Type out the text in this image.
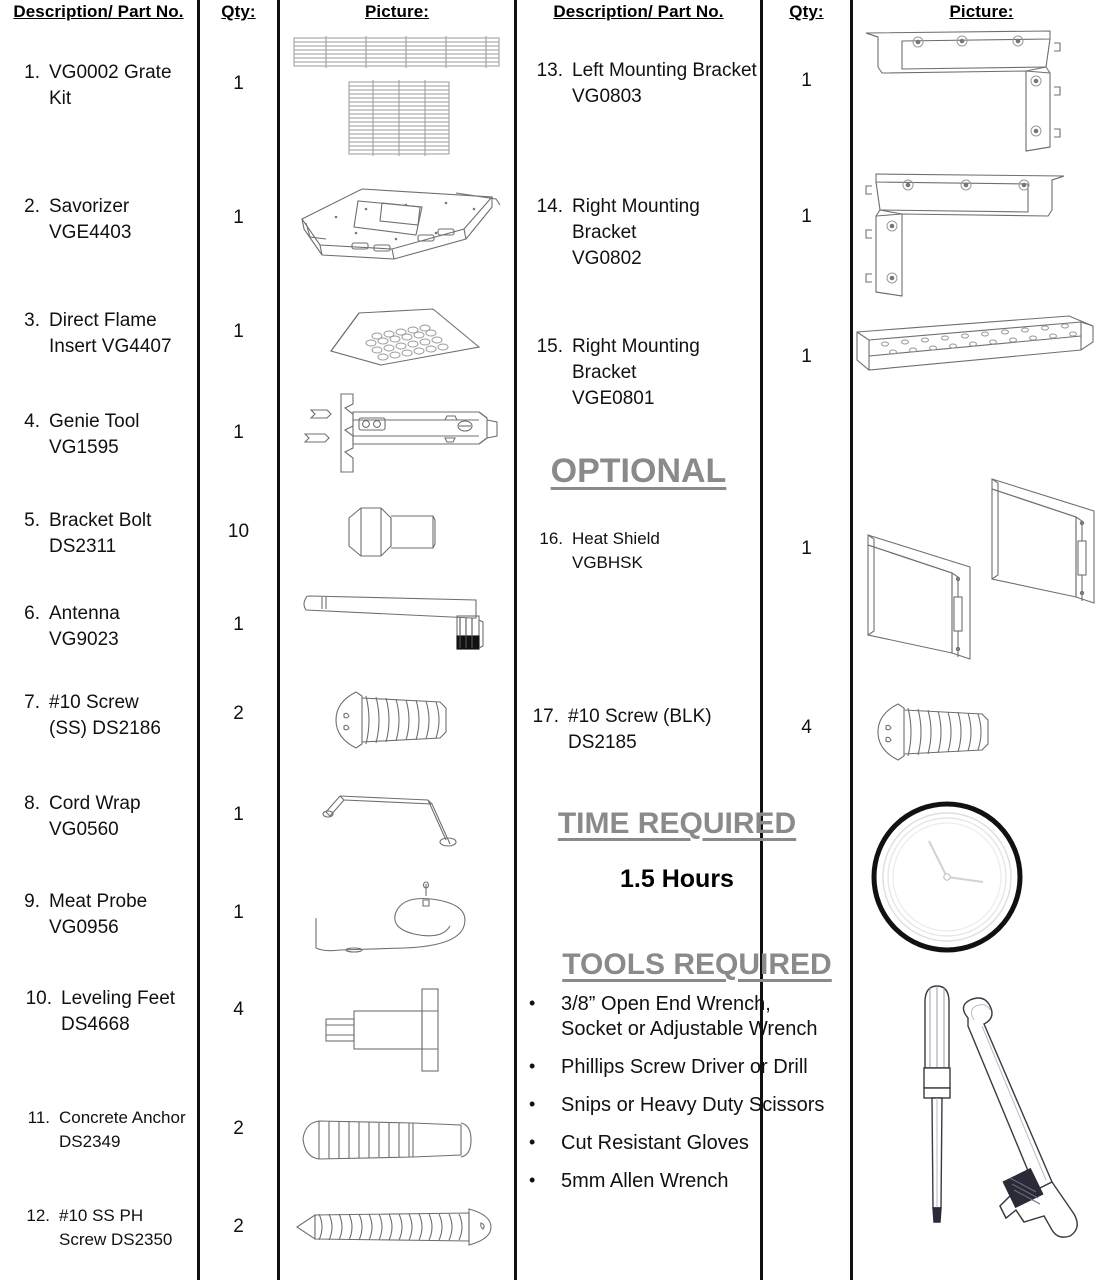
Description/ Part No.	Qty:	Picture:	Description/ Part No.	Qty:	Picture:
1. VG0002 Grate
Kit
1
2. Savorizer
VGE4403
1
3. Direct Flame
Insert VG4407
1
4. Genie Tool
VG1595
1
5. Bracket Bolt
DS2311
10
6. Antenna
VG9023
1
7. #10 Screw
(SS) DS2186
2
8. Cord Wrap
VG0560
1
9. Meat Probe
VG0956
1
10. Leveling Feet
DS4668
4
11. Concrete Anchor
DS2349
2
12. #10 SS PH
Screw DS2350
2
13. Left Mounting Bracket
VG0803
1
14. Right Mounting Bracket
VG0802
1
15. Right Mounting Bracket
VGE0801
1
OPTIONAL
16. Heat Shield
VGBHSK
1
17. #10 Screw (BLK)
DS2185
4
TIME REQUIRED
1.5 Hours
TOOLS REQUIRED
• 3/8” Open End Wrench,
Socket or Adjustable Wrench
• Phillips Screw Driver or Drill
• Snips or Heavy Duty Scissors
• Cut Resistant Gloves
• 5mm Allen Wrench
